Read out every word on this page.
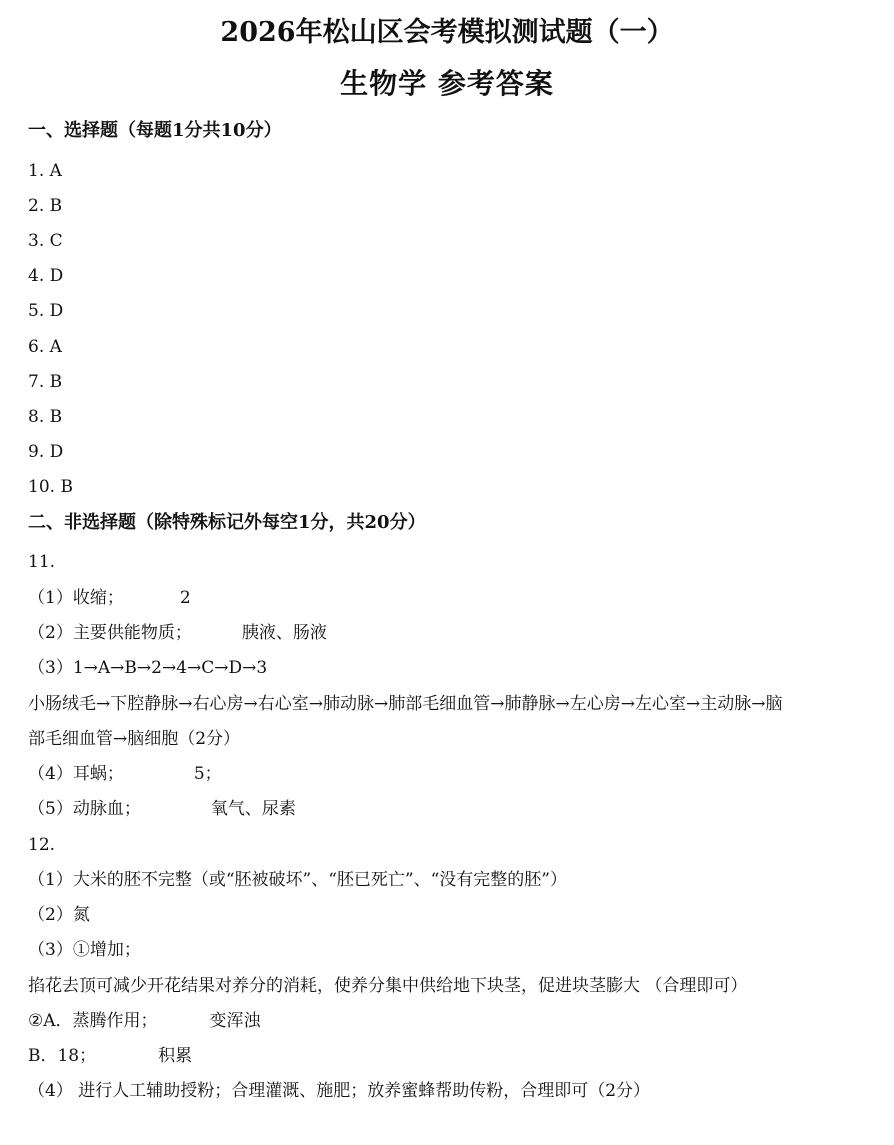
2026年松山区会考模拟测试题（一）
生物学 参考答案
一、选择题（每题1分共10分）
1. A
2. B
3. C
4. D
5. D
6. A
7. B
8. B
9. D
10. B
二、非选择题（除特殊标记外每空1分，共20分）
11.
（1）收缩；	2
（2）主要供能物质；	胰液、肠液
（3）1→A→B→2→4→C→D→3
小肠绒毛→下腔静脉→右心房→右心室→肺动脉→肺部毛细血管→肺静脉→左心房→左心室→主动脉→脑
部毛细血管→脑细胞（2分）
（4）耳蜗；	5；
（5）动脉血；	氧气、尿素
12.
（1）大米的胚不完整（或“胚被破坏”、“胚已死亡”、“没有完整的胚”）
（2）氮
（3）①增加；
掐花去顶可减少开花结果对养分的消耗，使养分集中供给地下块茎，促进块茎膨大 （合理即可）
②A．蒸腾作用；	变浑浊
B．18；	积累
（4） 进行人工辅助授粉；合理灌溉、施肥；放养蜜蜂帮助传粉，合理即可（2分）
